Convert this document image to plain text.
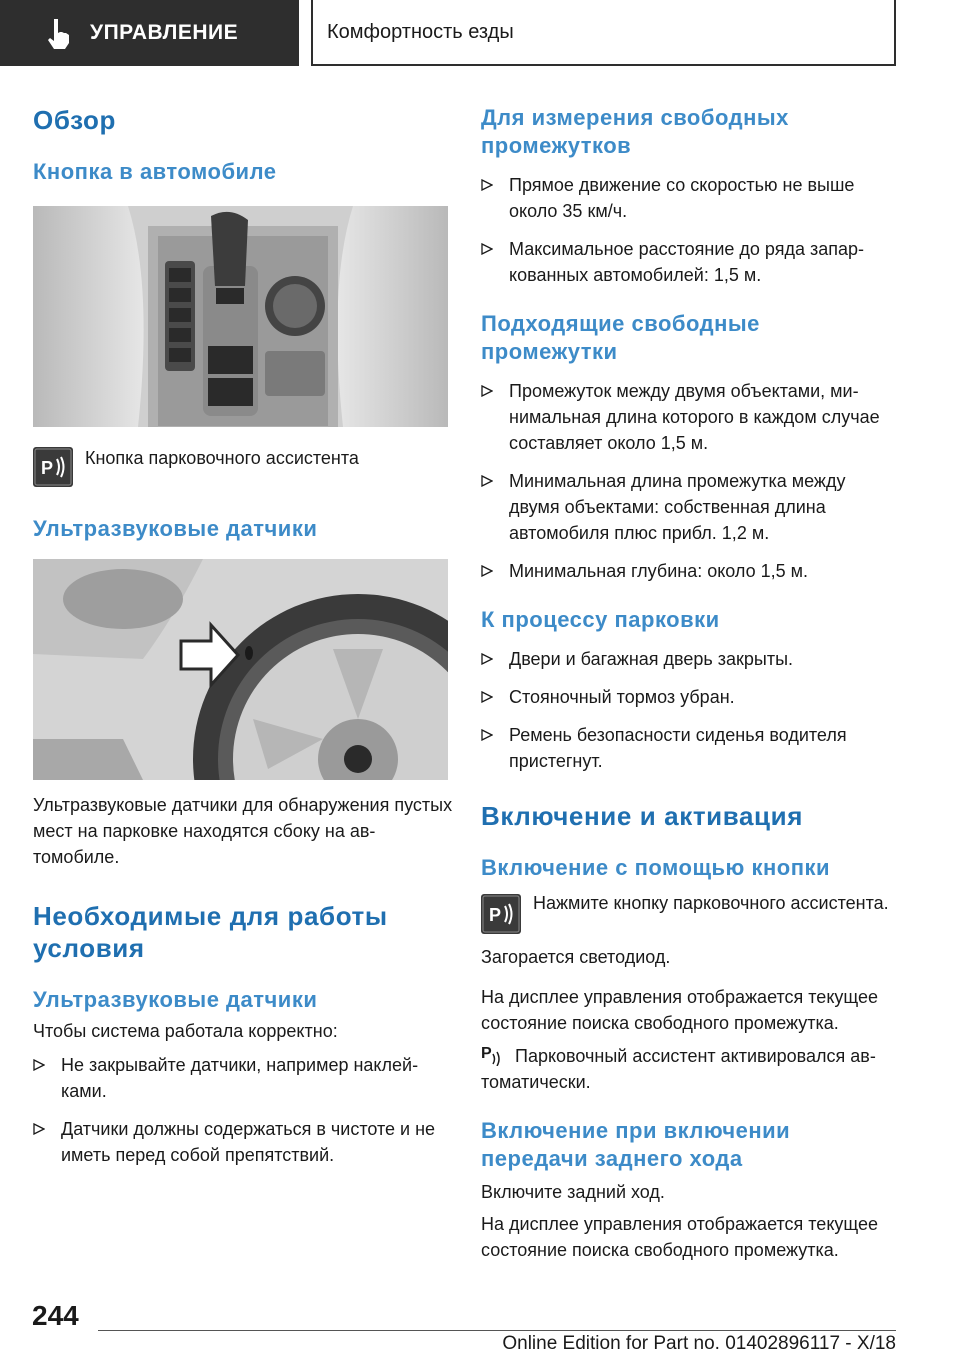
УПРАВЛЕНИЕ	Комфортность езды
Обзор
Кнопка в автомобиле
P Кнопка парковочного ассистента

Ультразвуковые датчики

Ультразвуковые датчики для обнаружения пустых мест на парковке находятся сбоку на автомобиле.

Необходимые для работы условия
Ультразвуковые датчики

Чтобы система работала корректно:

Не закрывайте датчики, например наклейками.
Датчики должны содержаться в чистоте и не иметь перед собой препятствий.
Для измерения свободных промежутков
Прямое движение со скоростью не выше около 35 км/ч.
Максимальное расстояние до ряда запаркованных автомобилей: 1,5 м.
Подходящие свободные промежутки
Промежуток между двумя объектами, минимальная длина которого в каждом случае составляет около 1,5 м.
Минимальная длина промежутка между двумя объектами: собственная длина автомобиля плюс прибл. 1,2 м.
Минимальная глубина: около 1,5 м.
К процессу парковки
Двери и багажная дверь закрыты.
Стояночный тормоз убран.
Ремень безопасности сиденья водителя пристегнут.
Включение и активация
Включение с помощью кнопки
P

Нажмите кнопку парковочного ассистента.

Загорается светодиод.

На дисплее управления отображается текущее состояние поиска свободного промежутка.

P Парковочный ассистент активировался автоматически.

Включение при включении передачи заднего хода

Включите задний ход.

На дисплее управления отображается текущее состояние поиска свободного промежутка.

244
Online Edition for Part no. 01402896117 - X/18
